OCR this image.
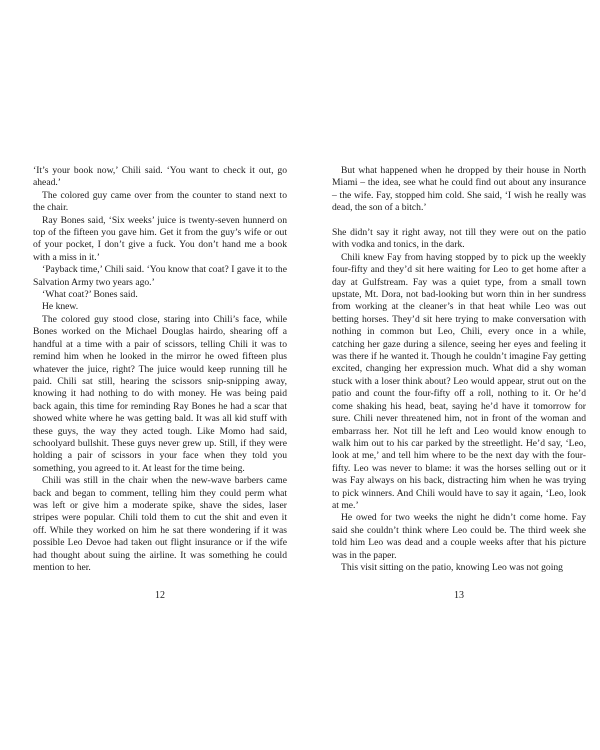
‘It’s your book now,’ Chili said. ‘You want to check it out, go ahead.’

The colored guy came over from the counter to stand next to the chair.

Ray Bones said, ‘Six weeks’ juice is twenty-seven hunnerd on top of the fifteen you gave him. Get it from the guy’s wife or out of your pocket, I don’t give a fuck. You don’t hand me a book with a miss in it.’

‘Payback time,’ Chili said. ‘You know that coat? I gave it to the Salvation Army two years ago.’

‘What coat?’ Bones said.

He knew.

The colored guy stood close, staring into Chili’s face, while Bones worked on the Michael Douglas hairdo, shearing off a handful at a time with a pair of scissors, telling Chili it was to remind him when he looked in the mirror he owed fifteen plus whatever the juice, right? The juice would keep running till he paid. Chili sat still, hearing the scissors snip-snipping away, knowing it had nothing to do with money. He was being paid back again, this time for reminding Ray Bones he had a scar that showed white where he was getting bald. It was all kid stuff with these guys, the way they acted tough. Like Momo had said, schoolyard bullshit. These guys never grew up. Still, if they were holding a pair of scissors in your face when they told you something, you agreed to it. At least for the time being.

Chili was still in the chair when the new-wave barbers came back and began to comment, telling him they could perm what was left or give him a moderate spike, shave the sides, laser stripes were popular. Chili told them to cut the shit and even it off. While they worked on him he sat there wondering if it was possible Leo Devoe had taken out flight insurance or if the wife had thought about suing the airline. It was something he could mention to her.

But what happened when he dropped by their house in North Miami – the idea, see what he could find out about any insurance – the wife. Fay, stopped him cold. She said, ‘I wish he really was dead, the son of a bitch.’

She didn’t say it right away, not till they were out on the patio with vodka and tonics, in the dark.

Chili knew Fay from having stopped by to pick up the weekly four-fifty and they’d sit here waiting for Leo to get home after a day at Gulfstream. Fay was a quiet type, from a small town upstate, Mt. Dora, not bad-looking but worn thin in her sundress from working at the cleaner’s in that heat while Leo was out betting horses. They’d sit here trying to make conversation with nothing in common but Leo, Chili, every once in a while, catching her gaze during a silence, seeing her eyes and feeling it was there if he wanted it. Though he couldn’t imagine Fay getting excited, changing her expression much. What did a shy woman stuck with a loser think about? Leo would appear, strut out on the patio and count the four-fifty off a roll, nothing to it. Or he’d come shaking his head, beat, saying he’d have it tomorrow for sure. Chili never threatened him, not in front of the woman and embarrass her. Not till he left and Leo would know enough to walk him out to his car parked by the streetlight. He’d say, ‘Leo, look at me,’ and tell him where to be the next day with the four-fifty. Leo was never to blame: it was the horses selling out or it was Fay always on his back, distracting him when he was trying to pick winners. And Chili would have to say it again, ‘Leo, look at me.’

He owed for two weeks the night he didn’t come home. Fay said she couldn’t think where Leo could be. The third week she told him Leo was dead and a couple weeks after that his picture was in the paper.

This visit sitting on the patio, knowing Leo was not going

12	13
